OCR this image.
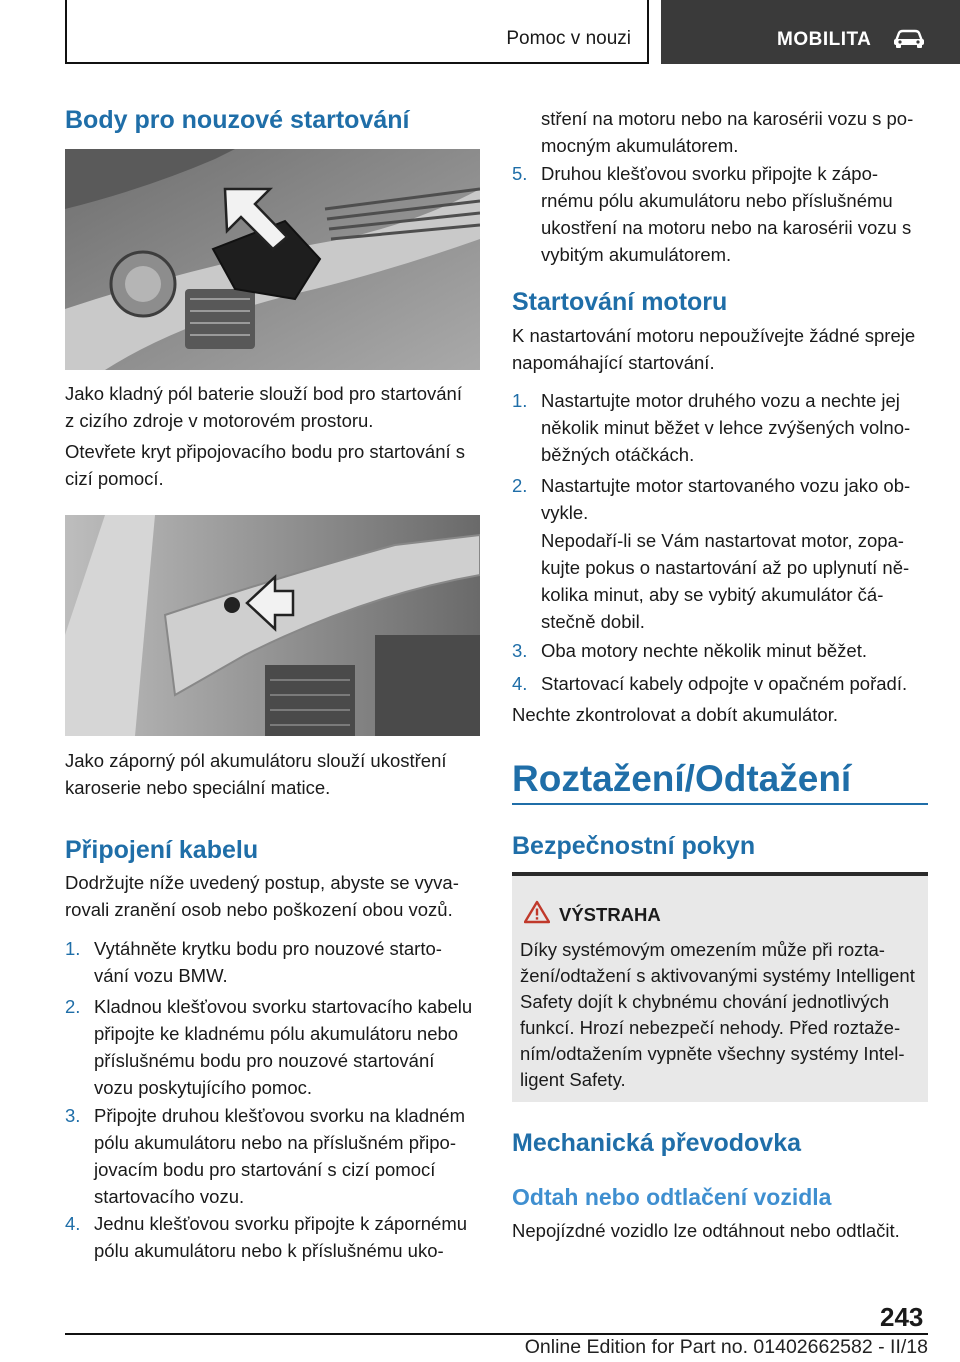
Pomoc v nouzi	MOBILITA
Body pro nouzové startování

Jako kladný pól baterie slouží bod pro startování

z cizího zdroje v motorovém prostoru.

Otevřete kryt připojovacího bodu pro startování s

cizí pomocí.

Jako záporný pól akumulátoru slouží ukostření

karoserie nebo speciální matice.

Připojení kabelu

Dodržujte níže uvedený postup, abyste se vyva‐

rovali zranění osob nebo poškození obou vozů.

1. Vytáhněte krytku bodu pro nouzové starto‐
vání vozu BMW.
2. Kladnou klešťovou svorku startovacího kabelu
připojte ke kladnému pólu akumulátoru nebo
příslušnému bodu pro nouzové startování
vozu poskytujícího pomoc.
3. Připojte druhou klešťovou svorku na kladném
pólu akumulátoru nebo na příslušném připo‐
jovacím bodu pro startování s cizí pomocí
startovacího vozu.
4. Jednu klešťovou svorku připojte k zápornému
pólu akumulátoru nebo k příslušnému uko‐

stření na motoru nebo na karosérii vozu s po‐

mocným akumulátorem.

5. Druhou klešťovou svorku připojte k zápo‐
rnému pólu akumulátoru nebo příslušnému
ukostření na motoru nebo na karosérii vozu s
vybitým akumulátorem.
Startování motoru

K nastartování motoru nepoužívejte žádné spreje

napomáhající startování.

1. Nastartujte motor druhého vozu a nechte jej
několik minut běžet v lehce zvýšených volno‐
běžných otáčkách.
2. Nastartujte motor startovaného vozu jako ob‐
vykle.
Nepodaří-li se Vám nastartovat motor, zopa‐
kujte pokus o nastartování až po uplynutí ně‐
kolika minut, aby se vybitý akumulátor čá‐
stečně dobil.
3. Oba motory nechte několik minut běžet.
4. Startovací kabely odpojte v opačném pořadí.

Nechte zkontrolovat a dobít akumulátor.

Roztažení/Odtažení
Bezpečnostní pokyn
VÝSTRAHA
Díky systémovým omezením může při rozta‐
žení/odtažení s aktivovanými systémy Intelligent
Safety dojít k chybnému chování jednotlivých
funkcí. Hrozí nebezpečí nehody. Před roztaže‐
ním/odtažením vypněte všechny systémy Intel‐
ligent Safety.
Mechanická převodovka
Odtah nebo odtlačení vozidla

Nepojízdné vozidlo lze odtáhnout nebo odtlačit.

243
Online Edition for Part no. 01402662582 - II/18
